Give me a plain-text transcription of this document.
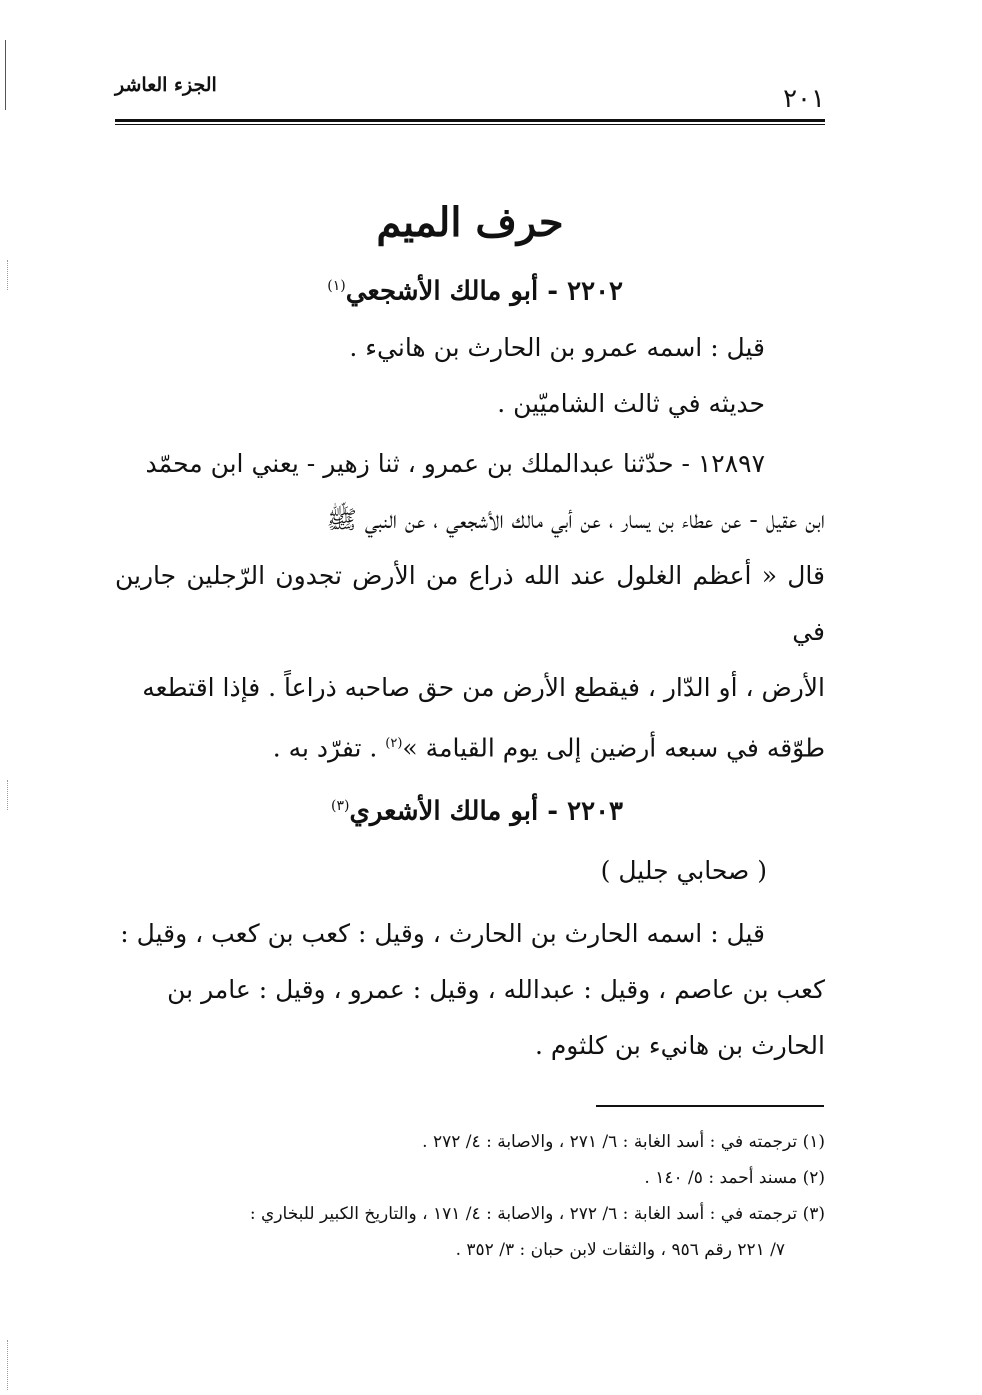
الجزء العاشر	٢٠١
حرف الميم
٢٢٠٢ - أبو مالك الأشجعي$^{(١)}$

قيل : اسمه عمرو بن الحارث بن هانيء .

حديثه في ثالث الشاميّين .

١٢٨٩٧ - حدّثنا عبدالملك بن عمرو ، ثنا زهير - يعني ابن محمّد

ابن عقيل - عن عطاء بن يسار ، عن أبي مالك الأشجعي ، عن النبي ﷺ

قال « أعظم الغلول عند الله ذراع من الأرض تجدون الرّجلين جارين في

الأرض ، أو الدّار ، فيقطع الأرض من حق صاحبه ذراعاً . فإذا اقتطعه

طوّقه في سبعه أرضين إلى يوم القيامة »$^{(٢)}$ . تفرّد به .

٢٢٠٣ - أبو مالك الأشعري$^{(٣)}$
( صحابي جليل )

قيل : اسمه الحارث بن الحارث ، وقيل : كعب بن كعب ، وقيل :

كعب بن عاصم ، وقيل : عبدالله ، وقيل : عمرو ، وقيل : عامر بن

الحارث بن هانيء بن كلثوم .

(١) ترجمته في : أسد الغابة : ٦/ ٢٧١ ، والاصابة : ٤/ ٢٧٢ .

(٢) مسند أحمد : ٥/ ١٤٠ .

(٣) ترجمته في : أسد الغابة : ٦/ ٢٧٢ ، والاصابة : ٤/ ١٧١ ، والتاريخ الكبير للبخاري :

٧/ ٢٢١ رقم ٩٥٦ ، والثقات لابن حبان : ٣/ ٣٥٢ .
